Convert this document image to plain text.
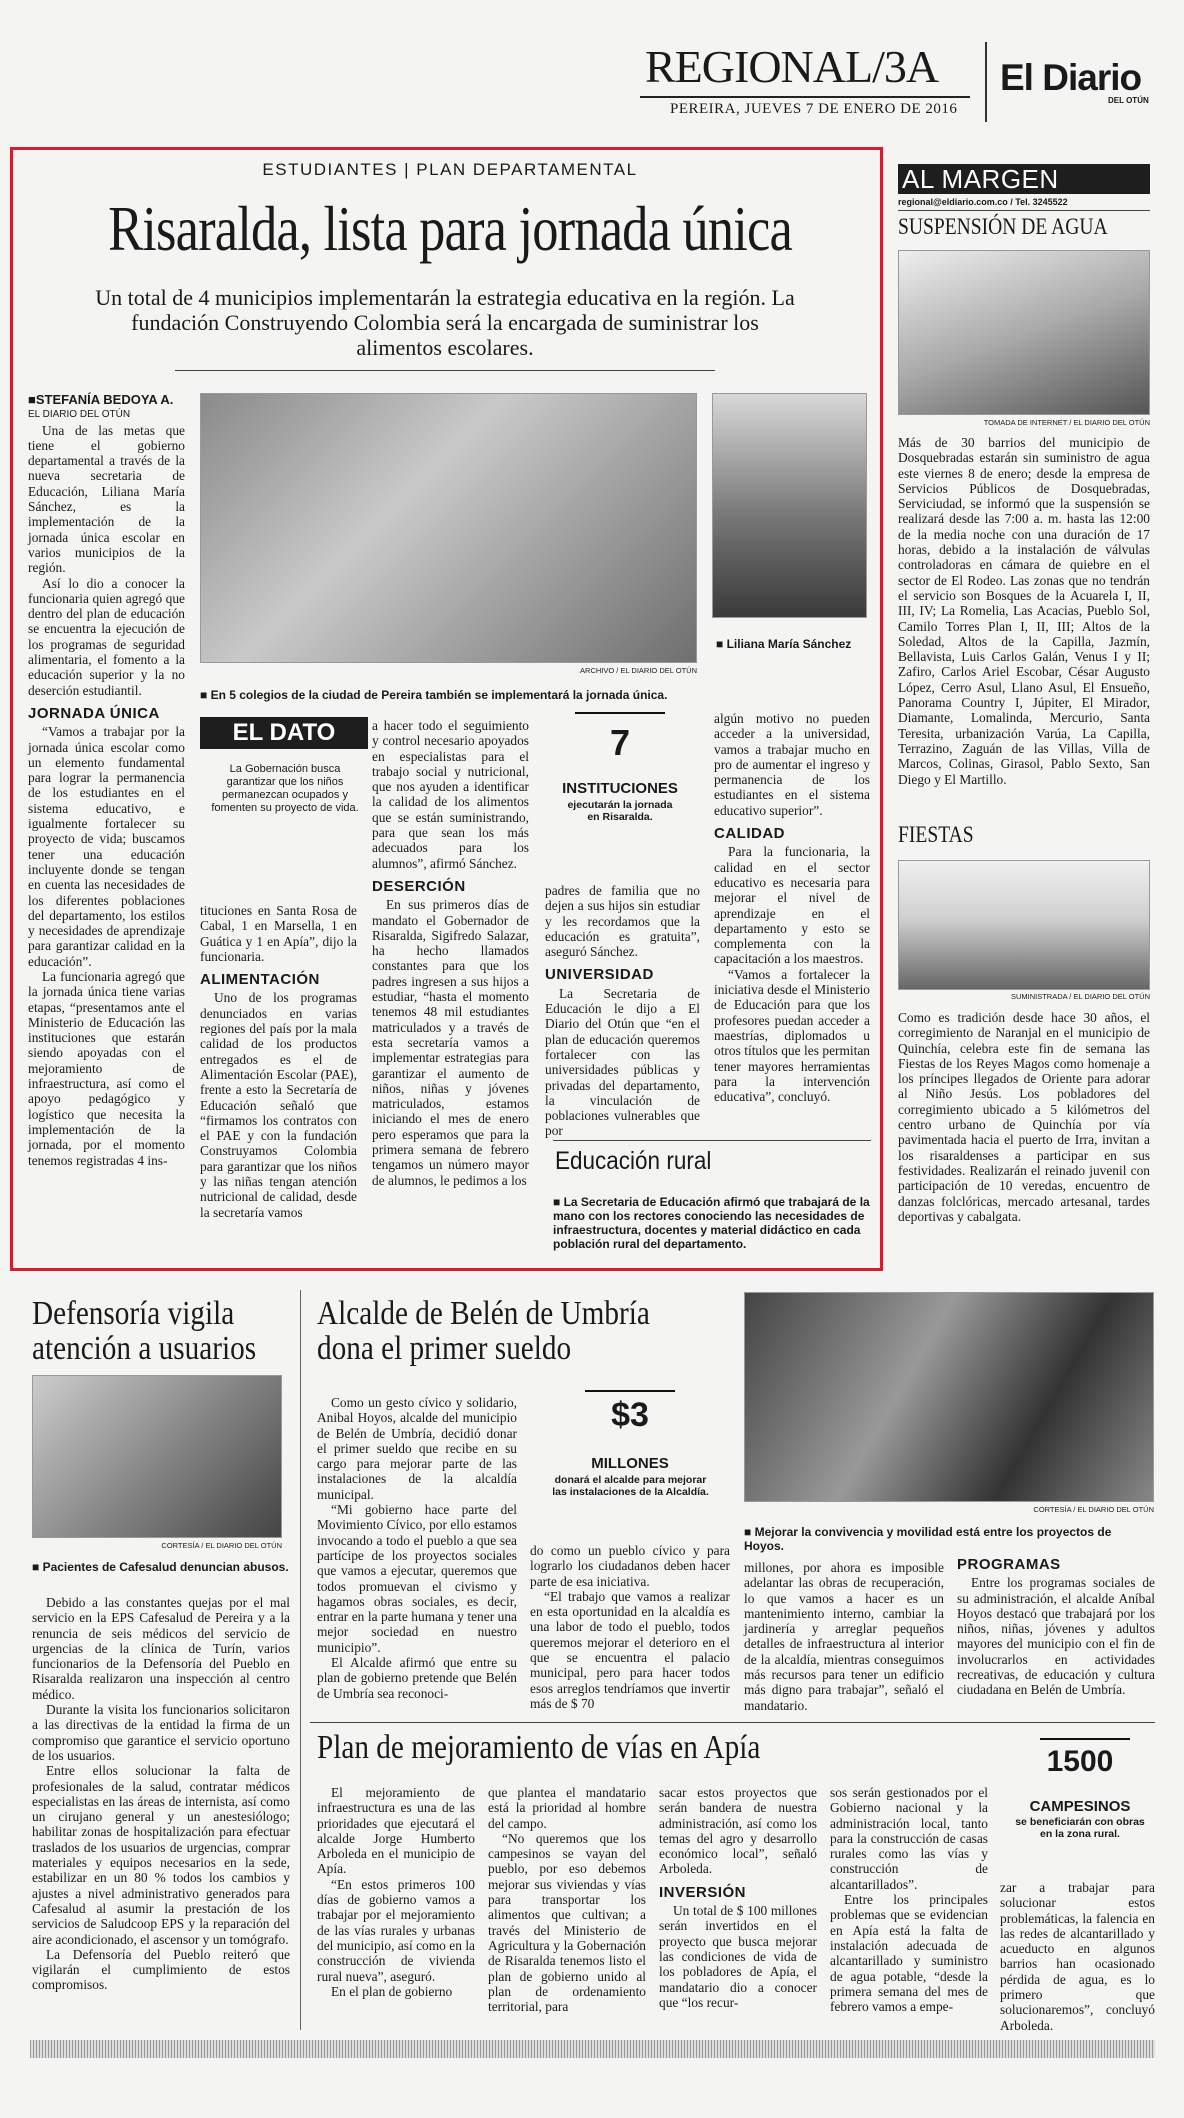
REGIONAL/3A
PEREIRA, JUEVES 7 DE ENERO DE 2016
El Diario
DEL OTÚN
ESTUDIANTES | PLAN DEPARTAMENTAL
Risaralda, lista para jornada única
Un total de 4 municipios implementarán la estrategia educativa en la región. La fundación Construyendo Colombia será la encargada de suministrar los alimentos escolares.
■STEFANÍA BEDOYA A.
EL DIARIO DEL OTÚN

Una de las metas que tiene el gobierno departamental a través de la nueva secretaria de Educación, Liliana María Sánchez, es la implementación de la jornada única escolar en varios municipios de la región.

Así lo dio a conocer la funcionaria quien agregó que dentro del plan de educación se encuentra la ejecución de los programas de seguridad alimentaria, el fomento a la educación superior y la no deserción estudiantil.

JORNADA ÚNICA

“Vamos a trabajar por la jornada única escolar como un elemento fundamental para lograr la permanencia de los estudiantes en el sistema educativo, e igualmente fortalecer su proyecto de vida; buscamos tener una educación incluyente donde se tengan en cuenta las necesidades de los diferentes poblaciones del departamento, los estilos y necesidades de aprendizaje para garantizar calidad en la educación”.

La funcionaria agregó que la jornada única tiene varias etapas, “presentamos ante el Ministerio de Educación las instituciones que estarán siendo apoyadas con el mejoramiento de infraestructura, así como el apoyo pedagógico y logístico que necesita la implementación de la jornada, por el momento tenemos registradas 4 ins-

ARCHIVO / EL DIARIO DEL OTÚN
■ En 5 colegios de la ciudad de Pereira también se implementará la jornada única.
■ Liliana María Sánchez
EL DATO
La Gobernación busca garantizar que los niños permanezcan ocupados y fomenten su proyecto de vida.
tituciones en Santa Rosa de Cabal, 1 en Marsella, 1 en Guática y 1 en Apía”, dijo la funcionaria.
ALIMENTACIÓN

Uno de los programas denunciados en varias regiones del país por la mala calidad de los productos entregados es el de Alimentación Escolar (PAE), frente a esto la Secretaría de Educación señaló que “firmamos los contratos con el PAE y con la fundación Construyamos Colombia para garantizar que los niños y las niñas tengan atención nutricional de calidad, desde la secretaría vamos

a hacer todo el seguimiento y control necesario apoyados en especialistas para el trabajo social y nutricional, que nos ayuden a identificar la calidad de los alimentos que se están suministrando, para que sean los más adecuados para los alumnos”, afirmó Sánchez.
DESERCIÓN

En sus primeros días de mandato el Gobernador de Risaralda, Sigifredo Salazar, ha hecho llamados constantes para que los padres ingresen a sus hijos a estudiar, “hasta el momento tenemos 48 mil estudiantes matriculados y a través de esta secretaría vamos a implementar estrategias para garantizar el aumento de niños, niñas y jóvenes matriculados, estamos iniciando el mes de enero pero esperamos que para la primera semana de febrero tengamos un número mayor de alumnos, le pedimos a los

7
INSTITUCIONES
ejecutarán la jornada en Risaralda.
padres de familia que no dejen a sus hijos sin estudiar y les recordamos que la educación es gratuita”, aseguró Sánchez.
UNIVERSIDAD

La Secretaria de Educación le dijo a El Diario del Otún que “en el plan de educación queremos fortalecer con las universidades públicas y privadas del departamento, la vinculación de poblaciones vulnerables que por

algún motivo no pueden acceder a la universidad, vamos a trabajar mucho en pro de aumentar el ingreso y permanencia de los estudiantes en el sistema educativo superior”.
CALIDAD

Para la funcionaria, la calidad en el sector educativo es necesaria para mejorar el nivel de aprendizaje en el departamento y esto se complementa con la capacitación a los maestros.

“Vamos a fortalecer la iniciativa desde el Ministerio de Educación para que los profesores puedan acceder a maestrías, diplomados u otros títulos que les permitan tener mayores herramientas para la intervención educativa”, concluyó.

Educación rural
■ La Secretaria de Educación afirmó que trabajará de la mano con los rectores conociendo las necesidades de infraestructura, docentes y material didáctico en cada población rural del departamento.
AL MARGEN
regional@eldiario.com.co / Tel. 3245522
SUSPENSIÓN DE AGUA
TOMADA DE INTERNET / EL DIARIO DEL OTÚN
Más de 30 barrios del municipio de Dosquebradas estarán sin suministro de agua este viernes 8 de enero; desde la empresa de Servicios Públicos de Dosquebradas, Serviciudad, se informó que la suspensión se realizará desde las 7:00 a. m. hasta las 12:00 de la media noche con una duración de 17 horas, debido a la instalación de válvulas controladoras en cámara de quiebre en el sector de El Rodeo. Las zonas que no tendrán el servicio son Bosques de la Acuarela I, II, III, IV; La Romelia, Las Acacias, Pueblo Sol, Camilo Torres Plan I, II, III; Altos de la Soledad, Altos de la Capilla, Jazmín, Bellavista, Luis Carlos Galán, Venus I y II; Zafiro, Carlos Ariel Escobar, César Augusto López, Cerro Asul, Llano Asul, El Ensueño, Panorama Country I, Júpiter, El Mirador, Diamante, Lomalinda, Mercurio, Santa Teresita, urbanización Varúa, La Capilla, Terrazino, Zaguán de las Villas, Villa de Marcos, Colinas, Girasol, Pablo Sexto, San Diego y El Martillo.
FIESTAS
SUMINISTRADA / EL DIARIO DEL OTÚN
Como es tradición desde hace 30 años, el corregimiento de Naranjal en el municipio de Quinchía, celebra este fin de semana las Fiestas de los Reyes Magos como homenaje a los príncipes llegados de Oriente para adorar al Niño Jesús. Los pobladores del corregimiento ubicado a 5 kilómetros del centro urbano de Quinchía por vía pavimentada hacia el puerto de Irra, invitan a los risaraldenses a participar en sus festividades. Realizarán el reinado juvenil con participación de 10 veredas, encuentro de danzas folclóricas, mercado artesanal, tardes deportivas y cabalgata.
Defensoría vigila atención a usuarios
CORTESÍA / EL DIARIO DEL OTÚN
■ Pacientes de Cafesalud denuncian abusos.

Debido a las constantes quejas por el mal servicio en la EPS Cafesalud de Pereira y a la renuncia de seis médicos del servicio de urgencias de la clínica de Turín, varios funcionarios de la Defensoría del Pueblo en Risaralda realizaron una inspección al centro médico.

Durante la visita los funcionarios solicitaron a las directivas de la entidad la firma de un compromiso que garantice el servicio oportuno de los usuarios.

Entre ellos solucionar la falta de profesionales de la salud, contratar médicos especialistas en las áreas de internista, así como un cirujano general y un anestesiólogo; habilitar zonas de hospitalización para efectuar traslados de los usuarios de urgencias, comprar materiales y equipos necesarios en la sede, estabilizar en un 80 % todos los cambios y ajustes a nivel administrativo generados para Cafesalud al asumir la prestación de los servicios de Saludcoop EPS y la reparación del aire acondicionado, el ascensor y un tomógrafo.

La Defensoría del Pueblo reiteró que vigilarán el cumplimiento de estos compromisos.

Alcalde de Belén de Umbría dona el primer sueldo
$3
MILLONES
donará el alcalde para mejorar las instalaciones de la Alcaldía.
CORTESÍA / EL DIARIO DEL OTÚN
■ Mejorar la convivencia y movilidad está entre los proyectos de Hoyos.

Como un gesto cívico y solidario, Anibal Hoyos, alcalde del municipio de Belén de Umbría, decidió donar el primer sueldo que recibe en su cargo para mejorar parte de las instalaciones de la alcaldía municipal.

“Mi gobierno hace parte del Movimiento Cívico, por ello estamos invocando a todo el pueblo a que sea partícipe de los proyectos sociales que vamos a ejecutar, queremos que todos promuevan el civismo y hagamos obras sociales, es decir, entrar en la parte humana y tener una mejor sociedad en nuestro municipio”.

El Alcalde afirmó que entre su plan de gobierno pretende que Belén de Umbría sea reconoci-

do como un pueblo cívico y para lograrlo los ciudadanos deben hacer parte de esa iniciativa.

“El trabajo que vamos a realizar en esta oportunidad en la alcaldía es una labor de todo el pueblo, todos queremos mejorar el deterioro en el que se encuentra el palacio municipal, pero para hacer todos esos arreglos tendríamos que invertir más de $ 70

millones, por ahora es imposible adelantar las obras de recuperación, lo que vamos a hacer es un mantenimiento interno, cambiar la jardinería y arreglar pequeños detalles de infraestructura al interior de la alcaldía, mientras conseguimos más recursos para tener un edificio más digno para trabajar”, señaló el mandatario.
PROGRAMAS

Entre los programas sociales de su administración, el alcalde Aníbal Hoyos destacó que trabajará por los niños, niñas, jóvenes y adultos mayores del municipio con el fin de involucrarlos en actividades recreativas, de educación y cultura ciudadana en Belén de Umbría.

Plan de mejoramiento de vías en Apía	1500
CAMPESINOS
se beneficiarán con obras en la zona rural.

El mejoramiento de infraestructura es una de las prioridades que ejecutará el alcalde Jorge Humberto Arboleda en el municipio de Apía.

“En estos primeros 100 días de gobierno vamos a trabajar por el mejoramiento de las vías rurales y urbanas del municipio, así como en la construcción de vivienda rural nueva”, aseguró.

En el plan de gobierno

que plantea el mandatario está la prioridad al hombre del campo.

“No queremos que los campesinos se vayan del pueblo, por eso debemos mejorar sus viviendas y vías para transportar los alimentos que cultivan; a través del Ministerio de Agricultura y la Gobernación de Risaralda tenemos listo el plan de gobierno unido al plan de ordenamiento territorial, para

sacar estos proyectos que serán bandera de nuestra administración, así como los temas del agro y desarrollo económico local”, señaló Arboleda.
INVERSIÓN

Un total de $ 100 millones serán invertidos en el proyecto que busca mejorar las condiciones de vida de los pobladores de Apía, el mandatario dio a conocer que “los recur-

sos serán gestionados por el Gobierno nacional y la administración local, tanto para la construcción de casas rurales como las vías y construcción de alcantarillados”.

Entre los principales problemas que se evidencian en Apía está la falta de instalación adecuada de alcantarillado y suministro de agua potable, “desde la primera semana del mes de febrero vamos a empe-

zar a trabajar para solucionar estos problemáticas, la falencia en las redes de alcantarillado y acueducto en algunos barrios han ocasionado pérdida de agua, es lo primero que solucionaremos”, concluyó Arboleda.
